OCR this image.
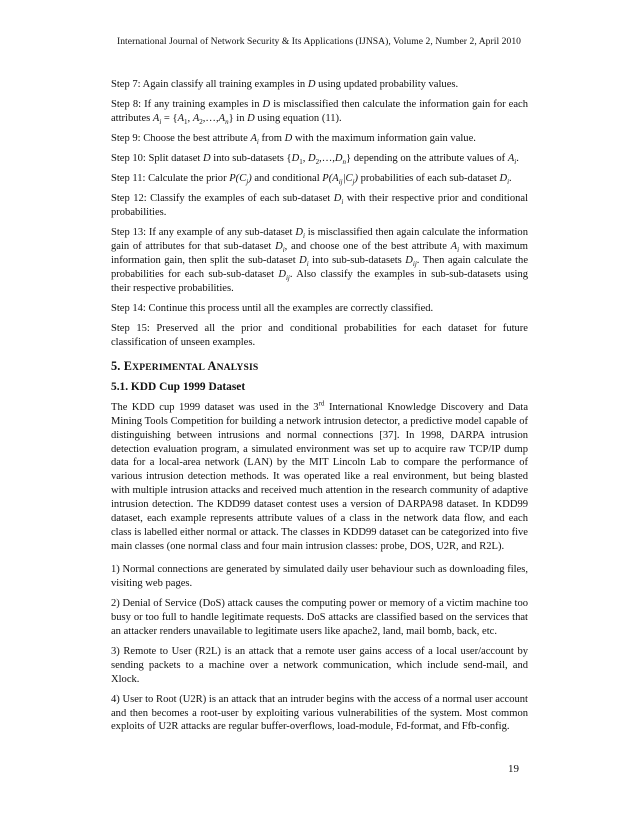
International Journal of Network Security & Its Applications (IJNSA), Volume 2, Number 2, April 2010

Step 7: Again classify all training examples in D using updated probability values.

Step 8: If any training examples in D is misclassified then calculate the information gain for each attributes $A_i = \{A_1$, $A_2,\dots,A_n$} in D using equation (11).

Step 9: Choose the best attribute $A_i$ from D with the maximum information gain value.

Step 10: Split dataset D into sub-datasets {$D_1$, $D_2,\dots,D_n$} depending on the attribute values of $A_i$.

Step 11: Calculate the prior $P(C_j)$ and conditional $P(A_{ij}|C_j)$ probabilities of each sub-dataset $D_i$.

Step 12: Classify the examples of each sub-dataset $D_i$ with their respective prior and conditional probabilities.

Step 13: If any example of any sub-dataset $D_i$ is misclassified then again calculate the information gain of attributes for that sub-dataset $D_i$, and choose one of the best attribute $A_i$ with maximum information gain, then split the sub-dataset $D_i$ into sub-sub-datasets $D_{ij}$. Then again calculate the probabilities for each sub-sub-dataset $D_{ij}$. Also classify the examples in sub-sub-datasets using their respective probabilities.

Step 14: Continue this process until all the examples are correctly classified.

Step 15: Preserved all the prior and conditional probabilities for each dataset for future classification of unseen examples.

5. EXPERIMENTAL ANALYSIS
5.1. KDD Cup 1999 Dataset

The KDD cup 1999 dataset was used in the 3rd International Knowledge Discovery and Data Mining Tools Competition for building a network intrusion detector, a predictive model capable of distinguishing between intrusions and normal connections [37]. In 1998, DARPA intrusion detection evaluation program, a simulated environment was set up to acquire raw TCP/IP dump data for a local-area network (LAN) by the MIT Lincoln Lab to compare the performance of various intrusion detection methods. It was operated like a real environment, but being blasted with multiple intrusion attacks and received much attention in the research community of adaptive intrusion detection. The KDD99 dataset contest uses a version of DARPA98 dataset. In KDD99 dataset, each example represents attribute values of a class in the network data flow, and each class is labelled either normal or attack. The classes in KDD99 dataset can be categorized into five main classes (one normal class and four main intrusion classes: probe, DOS, U2R, and R2L).

1) Normal connections are generated by simulated daily user behaviour such as downloading files, visiting web pages.

2) Denial of Service (DoS) attack causes the computing power or memory of a victim machine too busy or too full to handle legitimate requests. DoS attacks are classified based on the services that an attacker renders unavailable to legitimate users like apache2, land, mail bomb, back, etc.

3) Remote to User (R2L) is an attack that a remote user gains access of a local user/account by sending packets to a machine over a network communication, which include send-mail, and Xlock.

4) User to Root (U2R) is an attack that an intruder begins with the access of a normal user account and then becomes a root-user by exploiting various vulnerabilities of the system. Most common exploits of U2R attacks are regular buffer-overflows, load-module, Fd-format, and Ffb-config.

19
